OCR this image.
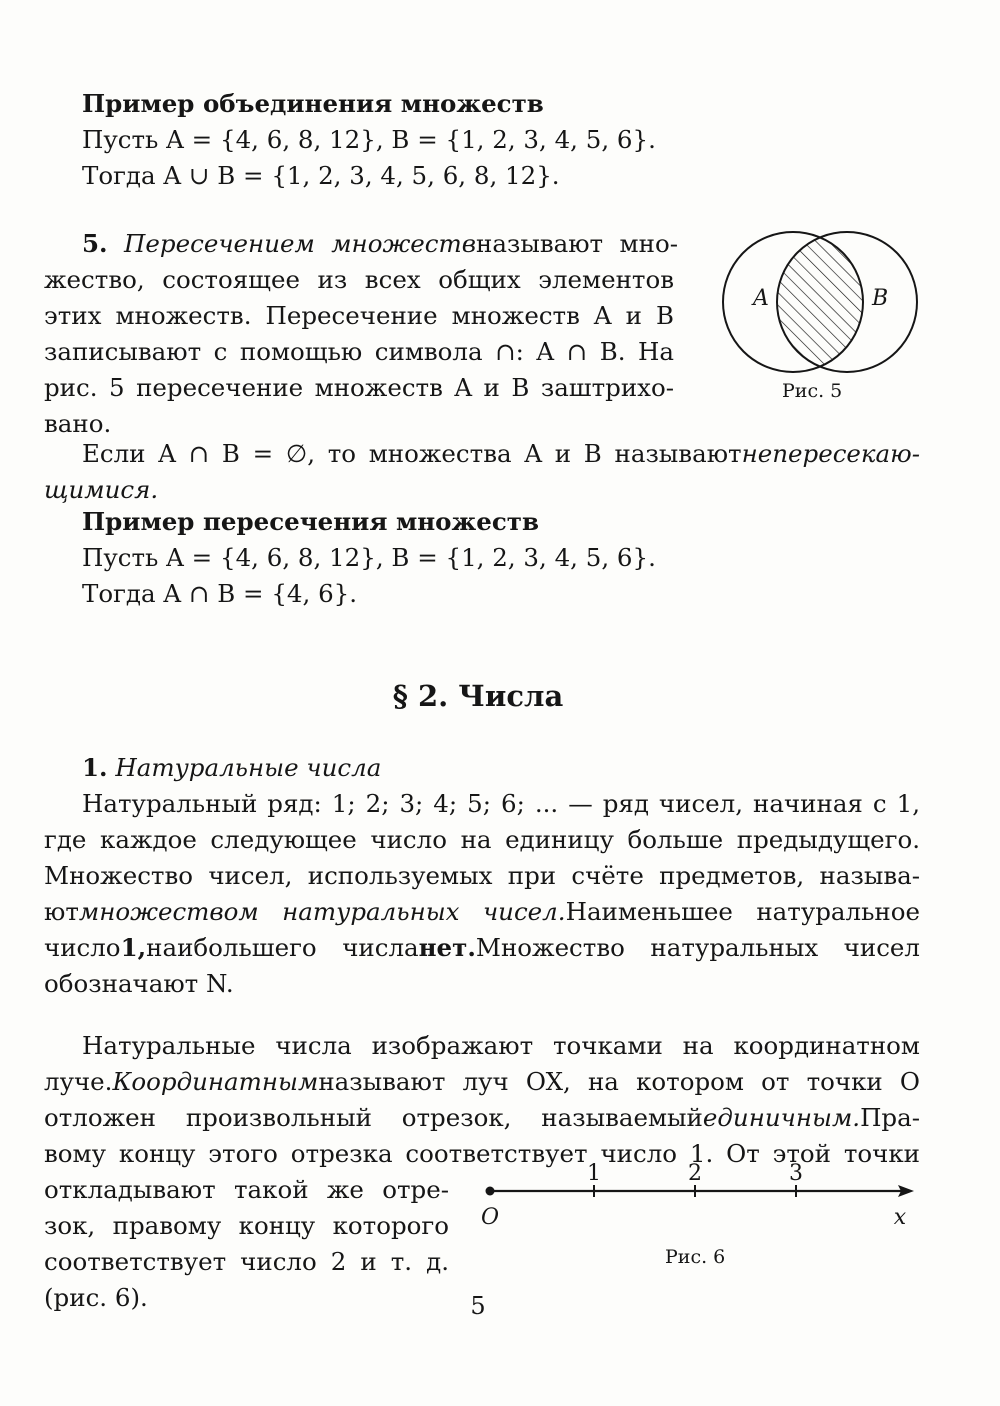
Пример объединения множеств

Пусть A = {4, 6, 8, 12}, B = {1, 2, 3, 4, 5, 6}.

Тогда A ∪ B = {1, 2, 3, 4, 5, 6, 8, 12}.

5. Пересечением множествназывают мно-

жество, состоящее из всех общих элементов

этих множеств. Пересечение множеств A и B

записывают с помощью символа ∩: A ∩ B. На

рис. 5 пересечение множеств A и B заштрихо-

вано.

A	B
Рис. 5

Если A ∩ B = ∅, то множества A и B называютнепересекаю-

щимися.

Пример пересечения множеств

Пусть A = {4, 6, 8, 12}, B = {1, 2, 3, 4, 5, 6}.

Тогда A ∩ B = {4, 6}.

§ 2. Числа

1. Натуральные числа

Натуральный ряд: 1; 2; 3; 4; 5; 6; ... — ряд чисел, начиная с 1,

где каждое следующее число на единицу больше предыдущего.

Множество чисел, используемых при счёте предметов, называ-

ютмножеством натуральных чисел.Наименьшее натуральное

число1,наибольшего числанет.Множество натуральных чисел

обозначают N.

Натуральные числа изображают точками на координатном

луче.Координатнымназывают луч OX, на котором от точки O

отложен произвольный отрезок, называемыйединичным.Пра-

вому концу этого отрезка соответствует число 1. От этой точки

откладывают такой же отре-

зок, правому концу которого

соответствует число 2 и т. д.

(рис. 6).

1	2	3
O	x
Рис. 6
5
